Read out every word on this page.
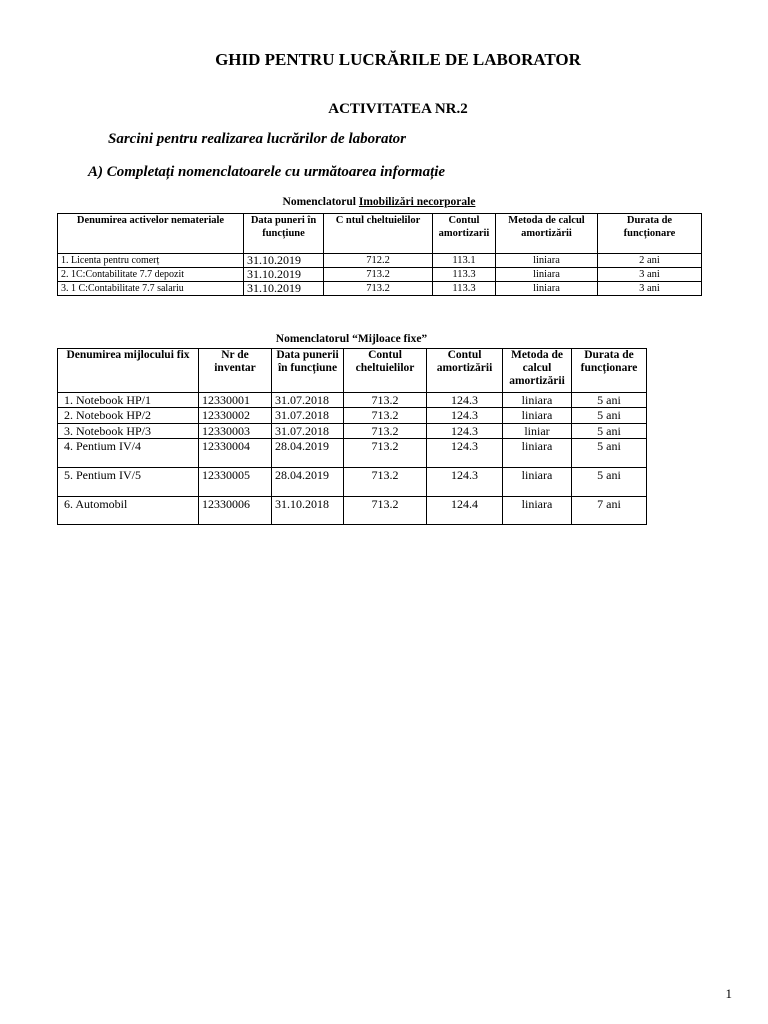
GHID PENTRU LUCRĂRILE DE LABORATOR
ACTIVITATEA NR.2
Sarcini pentru realizarea lucrărilor de laborator
A) Completați nomenclatoarele cu următoarea informație
Nomenclatorul Imobilizări necorporale
Denumirea activelor nemateriale	Data puneri în funcțiune	C ntul cheltuielilor	Contul amortizarii	Metoda de calcul amortizării	Durata de funcționare
1. Licenta pentru comerț	31.10.2019	712.2	113.1	liniara	2 ani
2. 1C:Contabilitate 7.7 depozit	31.10.2019	713.2	113.3	liniara	3 ani
3. 1 C:Contabilitate 7.7 salariu	31.10.2019	713.2	113.3	liniara	3 ani
Nomenclatorul “Mijloace fixe”
Denumirea mijlocului fix	Nr de inventar	Data punerii în funcțiune	Contul cheltuielilor	Contul amortizării	Metoda de calcul amortizării	Durata de funcționare
1. Notebook HP/1	12330001	31.07.2018	713.2	124.3	liniara	5 ani
2. Notebook HP/2	12330002	31.07.2018	713.2	124.3	liniara	5 ani
3. Notebook HP/3	12330003	31.07.2018	713.2	124.3	liniar	5 ani
4. Pentium IV/4	12330004	28.04.2019	713.2	124.3	liniara	5 ani
5. Pentium IV/5	12330005	28.04.2019	713.2	124.3	liniara	5 ani
6. Automobil	12330006	31.10.2018	713.2	124.4	liniara	7 ani
1
